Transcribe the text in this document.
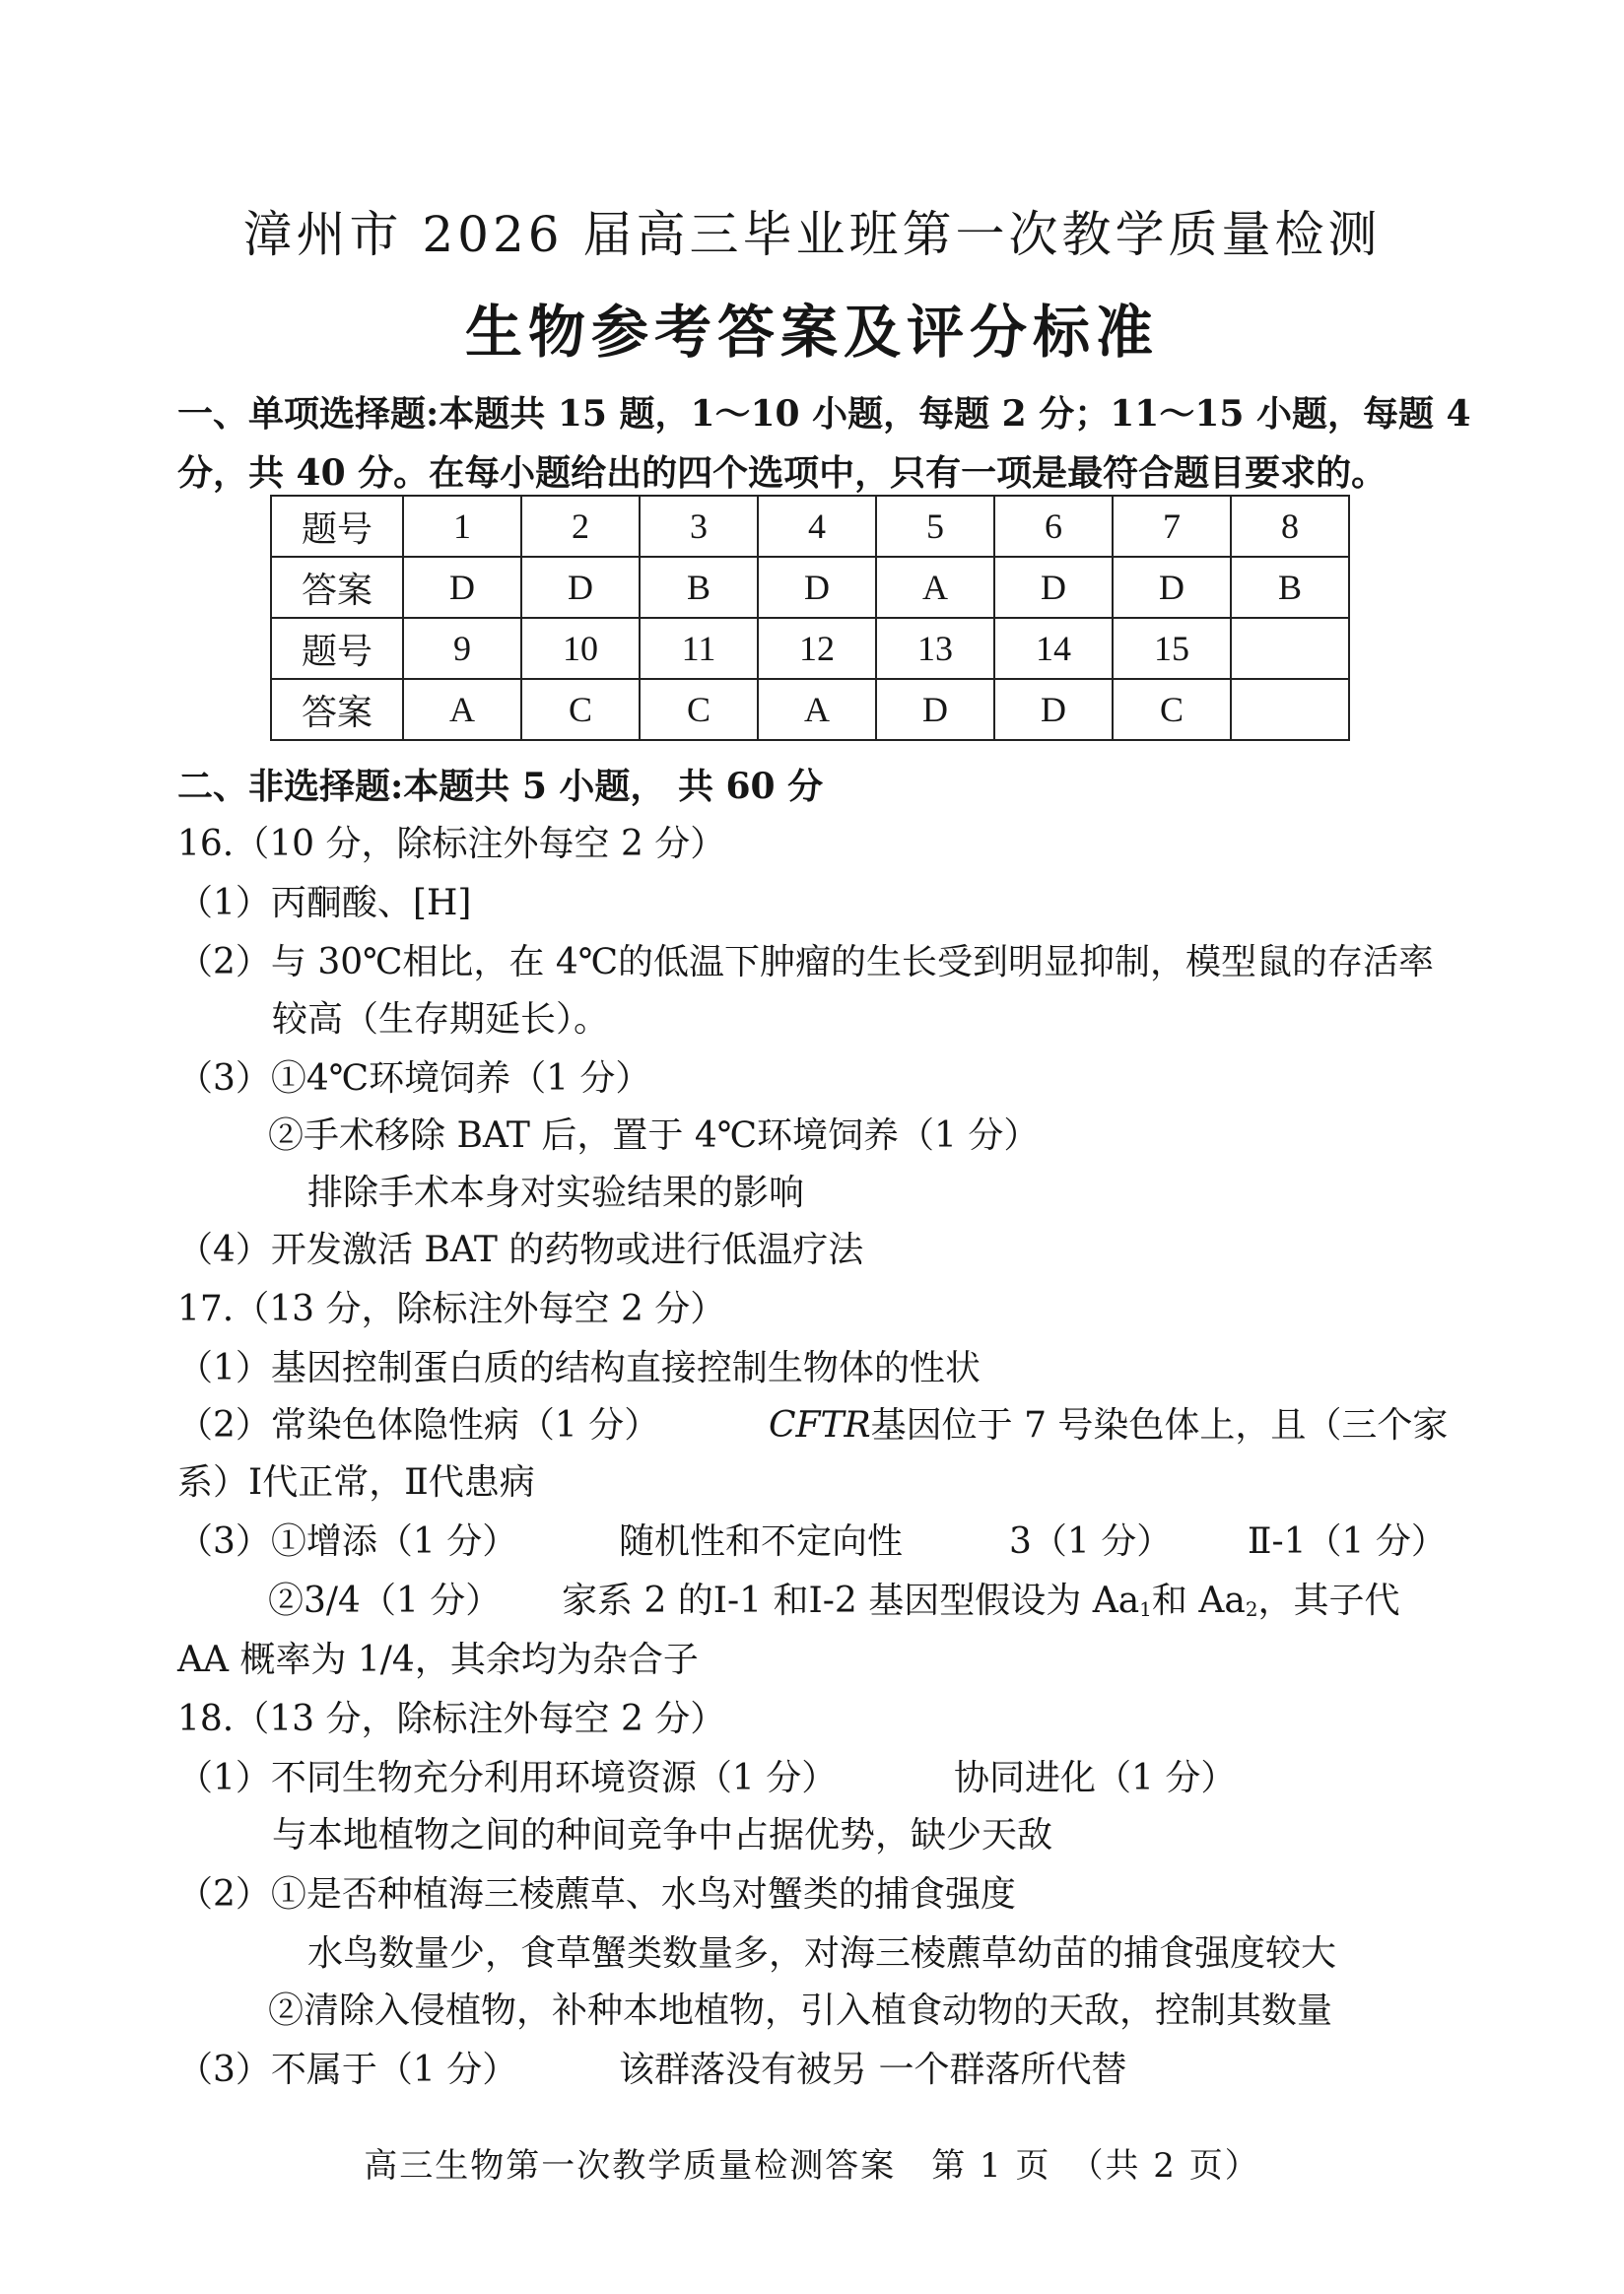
漳州市 2026 届高三毕业班第一次教学质量检测
生物参考答案及评分标准
一、单项选择题:本题共 15 题，1～10 小题，每题 2 分；11～15 小题，每题 4
分，共 40 分。在每小题给出的四个选项中，只有一项是最符合题目要求的。
题号	1	2	3	4	5	6	7	8
答案	D	D	B	D	A	D	D	B
题号	9	10	11	12	13	14	15	
答案	A	C	C	A	D	D	C	
二、非选择题:本题共 5 小题， 共 60 分
16.（10 分，除标注外每空 2 分）
（1）丙酮酸、[H]
（2）与 30℃相比，在 4℃的低温下肿瘤的生长受到明显抑制，模型鼠的存活率
较高（生存期延长）。
（3）①4℃环境饲养（1 分）
②手术移除 BAT 后，置于 4℃环境饲养（1 分）
排除手术本身对实验结果的影响
（4）开发激活 BAT 的药物或进行低温疗法
17.（13 分，除标注外每空 2 分）
（1）基因控制蛋白质的结构直接控制生物体的性状
（2）常染色体隐性病（1 分）	CFTR基因位于 7 号染色体上，且（三个家
系）Ⅰ代正常，Ⅱ代患病
（3）①增添（1 分）	随机性和不定向性	3（1 分） Ⅱ-1（1 分）
②3/4（1 分） 家系 2 的Ⅰ-1 和Ⅰ-2 基因型假设为 $Aa_1$和 $Aa_2$，其子代
AA 概率为 1/4，其余均为杂合子
18.（13 分，除标注外每空 2 分）
（1）不同生物充分利用环境资源（1 分）	协同进化（1 分）
与本地植物之间的种间竞争中占据优势，缺少天敌
（2）①是否种植海三棱藨草、水鸟对蟹类的捕食强度
水鸟数量少，食草蟹类数量多，对海三棱藨草幼苗的捕食强度较大
②清除入侵植物，补种本地植物，引入植食动物的天敌，控制其数量
（3）不属于（1 分）	该群落没有被另 一个群落所代替
高三生物第一次教学质量检测答案　第 1 页　（共 2 页）
